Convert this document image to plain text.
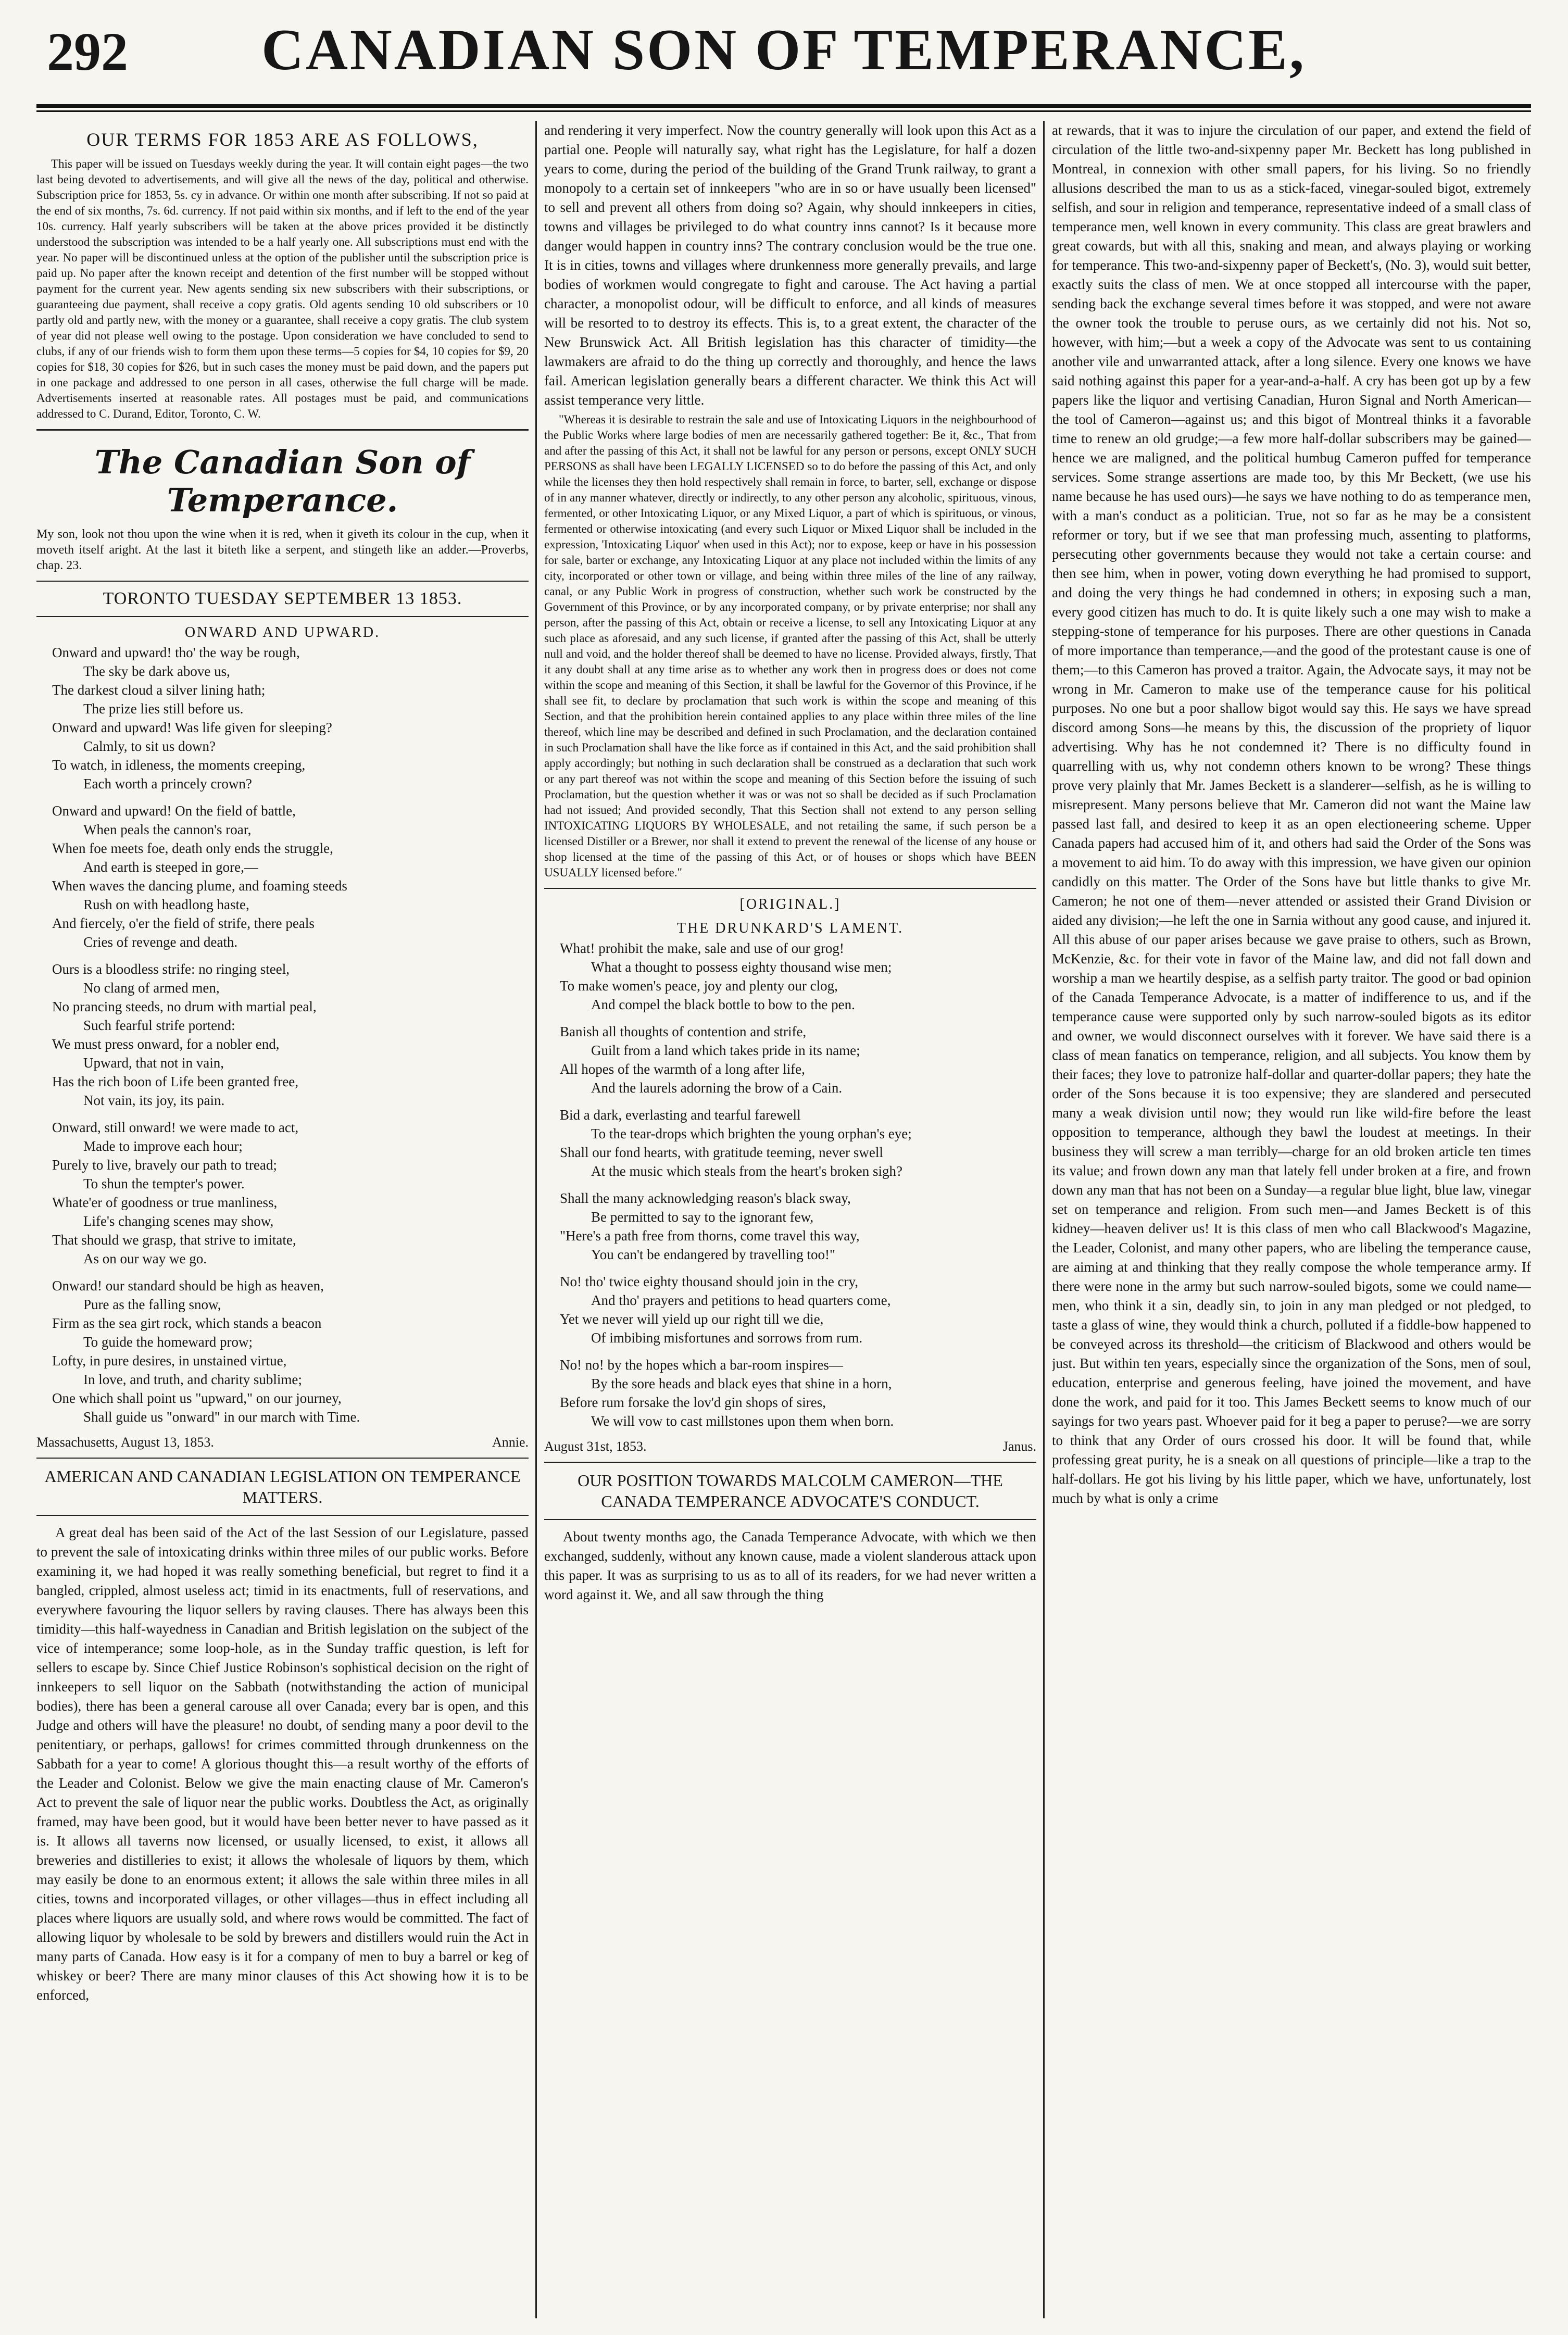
292	CANADIAN SON OF TEMPERANCE,
OUR TERMS FOR 1853 ARE AS FOLLOWS,

This paper will be issued on Tuesdays weekly during the year. It will contain eight pages—the two last being devoted to advertisements, and will give all the news of the day, political and otherwise. Subscription price for 1853, 5s. cy in advance. Or within one month after subscribing. If not so paid at the end of six months, 7s. 6d. currency. If not paid within six months, and if left to the end of the year 10s. currency. Half yearly subscribers will be taken at the above prices provided it be distinctly understood the subscription was intended to be a half yearly one. All subscriptions must end with the year. No paper will be discontinued unless at the option of the publisher until the subscription price is paid up. No paper after the known receipt and detention of the first number will be stopped without payment for the current year. New agents sending six new subscribers with their subscriptions, or guaranteeing due payment, shall receive a copy gratis. Old agents sending 10 old subscribers or 10 partly old and partly new, with the money or a guarantee, shall receive a copy gratis. The club system of year did not please well owing to the postage. Upon consideration we have concluded to send to clubs, if any of our friends wish to form them upon these terms—5 copies for $4, 10 copies for $9, 20 copies for $18, 30 copies for $26, but in such cases the money must be paid down, and the papers put in one package and addressed to one person in all cases, otherwise the full charge will be made. Advertisements inserted at reasonable rates. All postages must be paid, and communications addressed to C. Durand, Editor, Toronto, C. W.

The Canadian Son of Temperance.
My son, look not thou upon the wine when it is red, when it giveth its colour in the cup, when it moveth itself aright. At the last it biteth like a serpent, and stingeth like an adder.—Proverbs, chap. 23.
TORONTO TUESDAY SEPTEMBER 13 1853.
ONWARD AND UPWARD.
Onward and upward! tho' the way be rough,
The sky be dark above us,
The darkest cloud a silver lining hath;
The prize lies still before us.
Onward and upward! Was life given for sleeping?
Calmly, to sit us down?
To watch, in idleness, the moments creeping,
Each worth a princely crown?
Onward and upward! On the field of battle,
When peals the cannon's roar,
When foe meets foe, death only ends the struggle,
And earth is steeped in gore,—
When waves the dancing plume, and foaming steeds
Rush on with headlong haste,
And fiercely, o'er the field of strife, there peals
Cries of revenge and death.
Ours is a bloodless strife: no ringing steel,
No clang of armed men,
No prancing steeds, no drum with martial peal,
Such fearful strife portend:
We must press onward, for a nobler end,
Upward, that not in vain,
Has the rich boon of Life been granted free,
Not vain, its joy, its pain.
Onward, still onward! we were made to act,
Made to improve each hour;
Purely to live, bravely our path to tread;
To shun the tempter's power.
Whate'er of goodness or true manliness,
Life's changing scenes may show,
That should we grasp, that strive to imitate,
As on our way we go.
Onward! our standard should be high as heaven,
Pure as the falling snow,
Firm as the sea girt rock, which stands a beacon
To guide the homeward prow;
Lofty, in pure desires, in unstained virtue,
In love, and truth, and charity sublime;
One which shall point us "upward," on our journey,
Shall guide us "onward" in our march with Time.
Massachusetts, August 13, 1853.	Annie.
AMERICAN AND CANADIAN LEGISLATION ON TEMPERANCE MATTERS.

A great deal has been said of the Act of the last Session of our Legislature, passed to prevent the sale of intoxicating drinks within three miles of our public works. Before examining it, we had hoped it was really something beneficial, but regret to find it a bangled, crippled, almost useless act; timid in its enactments, full of reservations, and everywhere favouring the liquor sellers by raving clauses. There has always been this timidity—this half-wayedness in Canadian and British legislation on the subject of the vice of intemperance; some loop-hole, as in the Sunday traffic question, is left for sellers to escape by. Since Chief Justice Robinson's sophistical decision on the right of innkeepers to sell liquor on the Sabbath (notwithstanding the action of municipal bodies), there has been a general carouse all over Canada; every bar is open, and this Judge and others will have the pleasure! no doubt, of sending many a poor devil to the penitentiary, or perhaps, gallows! for crimes committed through drunkenness on the Sabbath for a year to come! A glorious thought this—a result worthy of the efforts of the Leader and Colonist. Below we give the main enacting clause of Mr. Cameron's Act to prevent the sale of liquor near the public works. Doubtless the Act, as originally framed, may have been good, but it would have been better never to have passed as it is. It allows all taverns now licensed, or usually licensed, to exist, it allows all breweries and distilleries to exist; it allows the wholesale of liquors by them, which may easily be done to an enormous extent; it allows the sale within three miles in all cities, towns and incorporated villages, or other villages—thus in effect including all places where liquors are usually sold, and where rows would be committed. The fact of allowing liquor by wholesale to be sold by brewers and distillers would ruin the Act in many parts of Canada. How easy is it for a company of men to buy a barrel or keg of whiskey or beer? There are many minor clauses of this Act showing how it is to be enforced,

and rendering it very imperfect. Now the country generally will look upon this Act as a partial one. People will naturally say, what right has the Legislature, for half a dozen years to come, during the period of the building of the Grand Trunk railway, to grant a monopoly to a certain set of innkeepers "who are in so or have usually been licensed" to sell and prevent all others from doing so? Again, why should innkeepers in cities, towns and villages be privileged to do what country inns cannot? Is it because more danger would happen in country inns? The contrary conclusion would be the true one. It is in cities, towns and villages where drunkenness more generally prevails, and large bodies of workmen would congregate to fight and carouse. The Act having a partial character, a monopolist odour, will be difficult to enforce, and all kinds of measures will be resorted to to destroy its effects. This is, to a great extent, the character of the New Brunswick Act. All British legislation has this character of timidity—the lawmakers are afraid to do the thing up correctly and thoroughly, and hence the laws fail. American legislation generally bears a different character. We think this Act will assist temperance very little.

"Whereas it is desirable to restrain the sale and use of Intoxicating Liquors in the neighbourhood of the Public Works where large bodies of men are necessarily gathered together: Be it, &c., That from and after the passing of this Act, it shall not be lawful for any person or persons, except ONLY SUCH PERSONS as shall have been LEGALLY LICENSED so to do before the passing of this Act, and only while the licenses they then hold respectively shall remain in force, to barter, sell, exchange or dispose of in any manner whatever, directly or indirectly, to any other person any alcoholic, spirituous, vinous, fermented, or other Intoxicating Liquor, or any Mixed Liquor, a part of which is spirituous, or vinous, fermented or otherwise intoxicating (and every such Liquor or Mixed Liquor shall be included in the expression, 'Intoxicating Liquor' when used in this Act); nor to expose, keep or have in his possession for sale, barter or exchange, any Intoxicating Liquor at any place not included within the limits of any city, incorporated or other town or village, and being within three miles of the line of any railway, canal, or any Public Work in progress of construction, whether such work be constructed by the Government of this Province, or by any incorporated company, or by private enterprise; nor shall any person, after the passing of this Act, obtain or receive a license, to sell any Intoxicating Liquor at any such place as aforesaid, and any such license, if granted after the passing of this Act, shall be utterly null and void, and the holder thereof shall be deemed to have no license. Provided always, firstly, That it any doubt shall at any time arise as to whether any work then in progress does or does not come within the scope and meaning of this Section, it shall be lawful for the Governor of this Province, if he shall see fit, to declare by proclamation that such work is within the scope and meaning of this Section, and that the prohibition herein contained applies to any place within three miles of the line thereof, which line may be described and defined in such Proclamation, and the declaration contained in such Proclamation shall have the like force as if contained in this Act, and the said prohibition shall apply accordingly; but nothing in such declaration shall be construed as a declaration that such work or any part thereof was not within the scope and meaning of this Section before the issuing of such Proclamation, but the question whether it was or was not so shall be decided as if such Proclamation had not issued; And provided secondly, That this Section shall not extend to any person selling INTOXICATING LIQUORS BY WHOLESALE, and not retailing the same, if such person be a licensed Distiller or a Brewer, nor shall it extend to prevent the renewal of the license of any house or shop licensed at the time of the passing of this Act, or of houses or shops which have BEEN USUALLY licensed before."

[ORIGINAL.]
THE DRUNKARD'S LAMENT.
What! prohibit the make, sale and use of our grog!
What a thought to possess eighty thousand wise men;
To make women's peace, joy and plenty our clog,
And compel the black bottle to bow to the pen.
Banish all thoughts of contention and strife,
Guilt from a land which takes pride in its name;
All hopes of the warmth of a long after life,
And the laurels adorning the brow of a Cain.
Bid a dark, everlasting and tearful farewell
To the tear-drops which brighten the young orphan's eye;
Shall our fond hearts, with gratitude teeming, never swell
At the music which steals from the heart's broken sigh?
Shall the many acknowledging reason's black sway,
Be permitted to say to the ignorant few,
"Here's a path free from thorns, come travel this way,
You can't be endangered by travelling too!"
No! tho' twice eighty thousand should join in the cry,
And tho' prayers and petitions to head quarters come,
Yet we never will yield up our right till we die,
Of imbibing misfortunes and sorrows from rum.
No! no! by the hopes which a bar-room inspires—
By the sore heads and black eyes that shine in a horn,
Before rum forsake the lov'd gin shops of sires,
We will vow to cast millstones upon them when born.
August 31st, 1853.	Janus.
OUR POSITION TOWARDS MALCOLM CAMERON—THE CANADA TEMPERANCE ADVOCATE'S CONDUCT.

About twenty months ago, the Canada Temperance Advocate, with which we then exchanged, suddenly, without any known cause, made a violent slanderous attack upon this paper. It was as surprising to us as to all of its readers, for we had never written a word against it. We, and all saw through the thing

at rewards, that it was to injure the circulation of our paper, and extend the field of circulation of the little two-and-sixpenny paper Mr. Beckett has long published in Montreal, in connexion with other small papers, for his living. So no friendly allusions described the man to us as a stick-faced, vinegar-souled bigot, extremely selfish, and sour in religion and temperance, representative indeed of a small class of temperance men, well known in every community. This class are great brawlers and great cowards, but with all this, snaking and mean, and always playing or working for temperance. This two-and-sixpenny paper of Beckett's, (No. 3), would suit better, exactly suits the class of men. We at once stopped all intercourse with the paper, sending back the exchange several times before it was stopped, and were not aware the owner took the trouble to peruse ours, as we certainly did not his. Not so, however, with him;—but a week a copy of the Advocate was sent to us containing another vile and unwarranted attack, after a long silence. Every one knows we have said nothing against this paper for a year-and-a-half. A cry has been got up by a few papers like the liquor and vertising Canadian, Huron Signal and North American—the tool of Cameron—against us; and this bigot of Montreal thinks it a favorable time to renew an old grudge;—a few more half-dollar subscribers may be gained—hence we are maligned, and the political humbug Cameron puffed for temperance services. Some strange assertions are made too, by this Mr Beckett, (we use his name because he has used ours)—he says we have nothing to do as temperance men, with a man's conduct as a politician. True, not so far as he may be a consistent reformer or tory, but if we see that man professing much, assenting to platforms, persecuting other governments because they would not take a certain course: and then see him, when in power, voting down everything he had promised to support, and doing the very things he had condemned in others; in exposing such a man, every good citizen has much to do. It is quite likely such a one may wish to make a stepping-stone of temperance for his purposes. There are other questions in Canada of more importance than temperance,—and the good of the protestant cause is one of them;—to this Cameron has proved a traitor. Again, the Advocate says, it may not be wrong in Mr. Cameron to make use of the temperance cause for his political purposes. No one but a poor shallow bigot would say this. He says we have spread discord among Sons—he means by this, the discussion of the propriety of liquor advertising. Why has he not condemned it? There is no difficulty found in quarrelling with us, why not condemn others known to be wrong? These things prove very plainly that Mr. James Beckett is a slanderer—selfish, as he is willing to misrepresent. Many persons believe that Mr. Cameron did not want the Maine law passed last fall, and desired to keep it as an open electioneering scheme. Upper Canada papers had accused him of it, and others had said the Order of the Sons was a movement to aid him. To do away with this impression, we have given our opinion candidly on this matter. The Order of the Sons have but little thanks to give Mr. Cameron; he not one of them—never attended or assisted their Grand Division or aided any division;—he left the one in Sarnia without any good cause, and injured it. All this abuse of our paper arises because we gave praise to others, such as Brown, McKenzie, &c. for their vote in favor of the Maine law, and did not fall down and worship a man we heartily despise, as a selfish party traitor. The good or bad opinion of the Canada Temperance Advocate, is a matter of indifference to us, and if the temperance cause were supported only by such narrow-souled bigots as its editor and owner, we would disconnect ourselves with it forever. We have said there is a class of mean fanatics on temperance, religion, and all subjects. You know them by their faces; they love to patronize half-dollar and quarter-dollar papers; they hate the order of the Sons because it is too expensive; they are slandered and persecuted many a weak division until now; they would run like wild-fire before the least opposition to temperance, although they bawl the loudest at meetings. In their business they will screw a man terribly—charge for an old broken article ten times its value; and frown down any man that lately fell under broken at a fire, and frown down any man that has not been on a Sunday—a regular blue light, blue law, vinegar set on temperance and religion. From such men—and James Beckett is of this kidney—heaven deliver us! It is this class of men who call Blackwood's Magazine, the Leader, Colonist, and many other papers, who are libeling the temperance cause, are aiming at and thinking that they really compose the whole temperance army. If there were none in the army but such narrow-souled bigots, some we could name—men, who think it a sin, deadly sin, to join in any man pledged or not pledged, to taste a glass of wine, they would think a church, polluted if a fiddle-bow happened to be conveyed across its threshold—the criticism of Blackwood and others would be just. But within ten years, especially since the organization of the Sons, men of soul, education, enterprise and generous feeling, have joined the movement, and have done the work, and paid for it too. This James Beckett seems to know much of our sayings for two years past. Whoever paid for it beg a paper to peruse?—we are sorry to think that any Order of ours crossed his door. It will be found that, while professing great purity, he is a sneak on all questions of principle—like a trap to the half-dollars. He got his living by his little paper, which we have, unfortunately, lost much by what is only a crime
